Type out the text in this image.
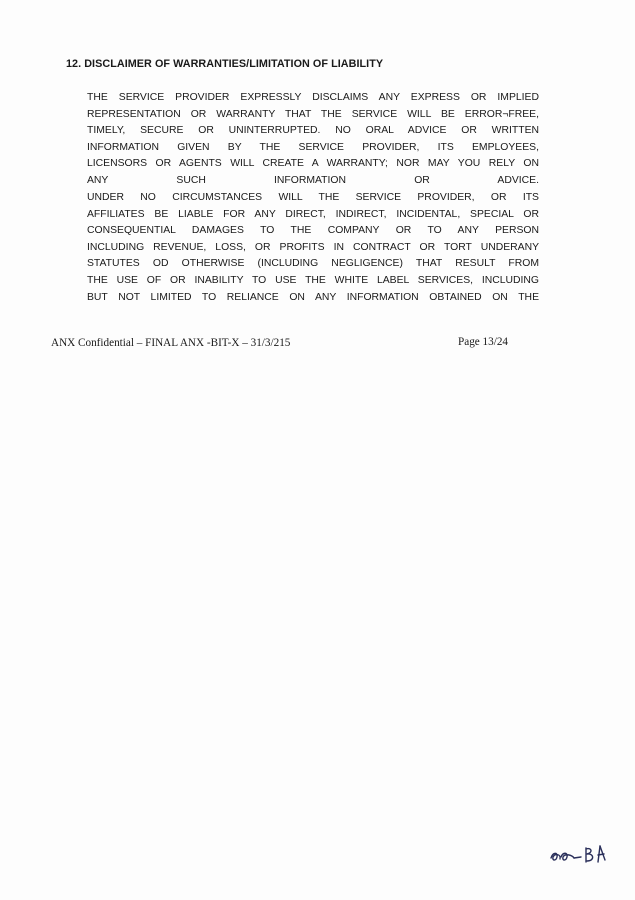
12. DISCLAIMER OF WARRANTIES/LIMITATION OF LIABILITY
THE SERVICE PROVIDER EXPRESSLY DISCLAIMS ANY EXPRESS OR IMPLIED
REPRESENTATION OR WARRANTY THAT THE SERVICE WILL BE ERROR¬FREE,
TIMELY, SECURE OR UNINTERRUPTED. NO ORAL ADVICE OR WRITTEN
INFORMATION GIVEN BY THE SERVICE PROVIDER, ITS EMPLOYEES,
LICENSORS OR AGENTS WILL CREATE A WARRANTY; NOR MAY YOU RELY ON
ANY SUCH INFORMATION OR ADVICE.
UNDER NO CIRCUMSTANCES WILL THE SERVICE PROVIDER, OR ITS
AFFILIATES BE LIABLE FOR ANY DIRECT, INDIRECT, INCIDENTAL, SPECIAL OR
CONSEQUENTIAL DAMAGES TO THE COMPANY OR TO ANY PERSON
INCLUDING REVENUE, LOSS, OR PROFITS IN CONTRACT OR TORT UNDERANY
STATUTES OD OTHERWISE (INCLUDING NEGLIGENCE) THAT RESULT FROM
THE USE OF OR INABILITY TO USE THE WHITE LABEL SERVICES, INCLUDING
BUT NOT LIMITED TO RELIANCE ON ANY INFORMATION OBTAINED ON THE
ANX Confidential – FINAL ANX -BIT-X – 31/3/215	Page 13/24
